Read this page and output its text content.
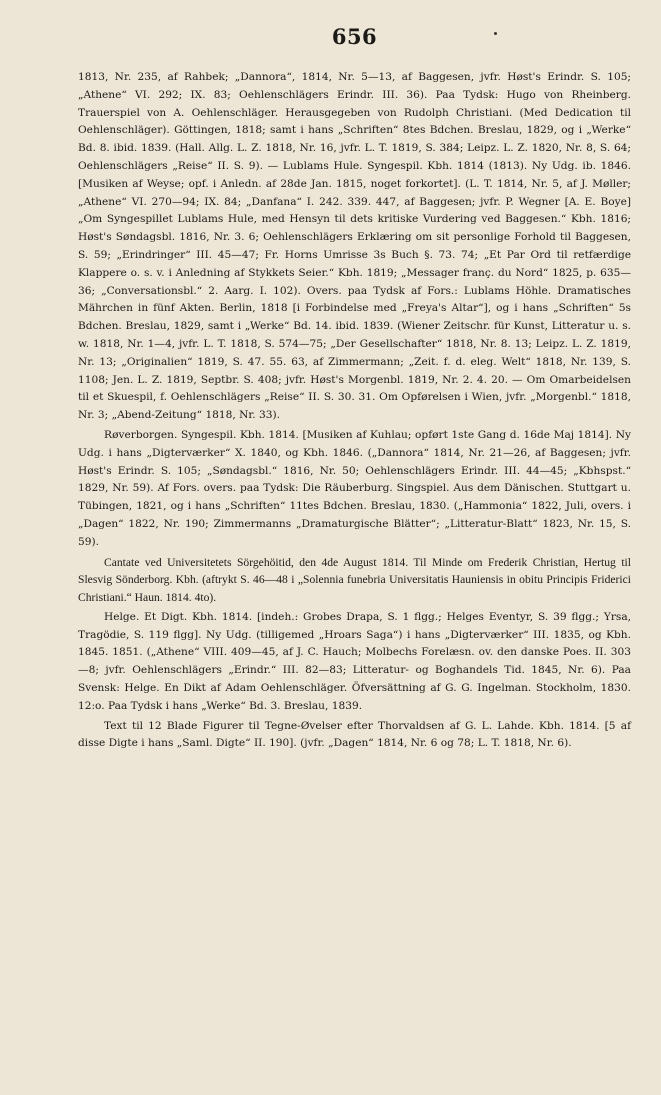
656

1813, Nr. 235, af Rahbek; „Dannora“, 1814, Nr. 5—13, af Baggesen, jvfr. Høst's Erindr. S. 105; „Athene“ VI. 292; IX. 83; Oehlenschlägers Erindr. III. 36). Paa Tydsk: Hugo von Rheinberg. Trauerspiel von A. Oehlenschläger. Herausgegeben von Rudolph Christiani. (Med Dedication til Oehlenschläger). Göttingen, 1818; samt i hans „Schriften“ 8tes Bdchen. Breslau, 1829, og i „Werke“ Bd. 8. ibid. 1839. (Hall. Allg. L. Z. 1818, Nr. 16, jvfr. L. T. 1819, S. 384; Leipz. L. Z. 1820, Nr. 8, S. 64; Oehlenschlägers „Reise“ II. S. 9). — Lublams Hule. Syngespil. Kbh. 1814 (1813). Ny Udg. ib. 1846. [Musiken af Weyse; opf. i Anledn. af 28de Jan. 1815, noget forkortet]. (L. T. 1814, Nr. 5, af J. Møller; „Athene“ VI. 270—94; IX. 84; „Danfana“ I. 242. 339. 447, af Baggesen; jvfr. P. Wegner [A. E. Boye] „Om Syngespillet Lublams Hule, med Hensyn til dets kritiske Vurdering ved Baggesen.“ Kbh. 1816; Høst's Søndagsbl. 1816, Nr. 3. 6; Oehlenschlägers Erklæring om sit personlige Forhold til Baggesen, S. 59; „Erindringer“ III. 45—47; Fr. Horns Umrisse 3s Buch §. 73. 74; „Et Par Ord til retfærdige Klappere o. s. v. i Anledning af Stykkets Seier.“ Kbh. 1819; „Messager franç. du Nord“ 1825, p. 635—36; „Conversationsbl.“ 2. Aarg. I. 102). Overs. paa Tydsk af Fors.: Lublams Höhle. Dramatisches Mährchen in fünf Akten. Berlin, 1818 [i Forbindelse med „Freya's Altar“], og i hans „Schriften“ 5s Bdchen. Breslau, 1829, samt i „Werke“ Bd. 14. ibid. 1839. (Wiener Zeitschr. für Kunst, Litteratur u. s. w. 1818, Nr. 1—4, jvfr. L. T. 1818, S. 574—75; „Der Gesellschafter“ 1818, Nr. 8. 13; Leipz. L. Z. 1819, Nr. 13; „Originalien“ 1819, S. 47. 55. 63, af Zimmermann; „Zeit. f. d. eleg. Welt“ 1818, Nr. 139, S. 1108; Jen. L. Z. 1819, Septbr. S. 408; jvfr. Høst's Morgenbl. 1819, Nr. 2. 4. 20. — Om Omarbeidelsen til et Skuespil, f. Oehlenschlägers „Reise“ II. S. 30. 31. Om Opførelsen i Wien, jvfr. „Morgenbl.“ 1818, Nr. 3; „Abend-Zeitung“ 1818, Nr. 33).

Røverborgen. Syngespil. Kbh. 1814. [Musiken af Kuhlau; opført 1ste Gang d. 16de Maj 1814]. Ny Udg. i hans „Digterværker“ X. 1840, og Kbh. 1846. („Dannora“ 1814, Nr. 21—26, af Baggesen; jvfr. Høst's Erindr. S. 105; „Søndagsbl.“ 1816, Nr. 50; Oehlenschlägers Erindr. III. 44—45; „Kbhspst.“ 1829, Nr. 59). Af Fors. overs. paa Tydsk: Die Räuberburg. Singspiel. Aus dem Dänischen. Stuttgart u. Tübingen, 1821, og i hans „Schriften“ 11tes Bdchen. Breslau, 1830. („Hammonia“ 1822, Juli, overs. i „Dagen“ 1822, Nr. 190; Zimmermanns „Dramaturgische Blätter“; „Litteratur-Blatt“ 1823, Nr. 15, S. 59).

Cantate ved Universitetets Sörgehöitid, den 4de August 1814. Til Minde om Frederik Christian, Hertug til Slesvig Sönderborg. Kbh. (aftrykt S. 46—48 i „Solennia funebria Universitatis Hauniensis in obitu Principis Friderici Christiani.“ Haun. 1814. 4to).

Helge. Et Digt. Kbh. 1814. [indeh.: Grobes Drapa, S. 1 flgg.; Helges Eventyr, S. 39 flgg.; Yrsa, Tragödie, S. 119 flgg]. Ny Udg. (tilligemed „Hroars Saga“) i hans „Digterværker“ III. 1835, og Kbh. 1845. 1851. („Athene“ VIII. 409—45, af J. C. Hauch; Molbechs Forelæsn. ov. den danske Poes. II. 303—8; jvfr. Oehlenschlägers „Erindr.“ III. 82—83; Litteratur- og Boghandels Tid. 1845, Nr. 6). Paa Svensk: Helge. En Dikt af Adam Oehlenschläger. Öfversättning af G. G. Ingelman. Stockholm, 1830. 12:o. Paa Tydsk i hans „Werke“ Bd. 3. Breslau, 1839.

Text til 12 Blade Figurer til Tegne-Øvelser efter Thorvaldsen af G. L. Lahde. Kbh. 1814. [5 af disse Digte i hans „Saml. Digte“ II. 190]. (jvfr. „Dagen“ 1814, Nr. 6 og 78; L. T. 1818, Nr. 6).
